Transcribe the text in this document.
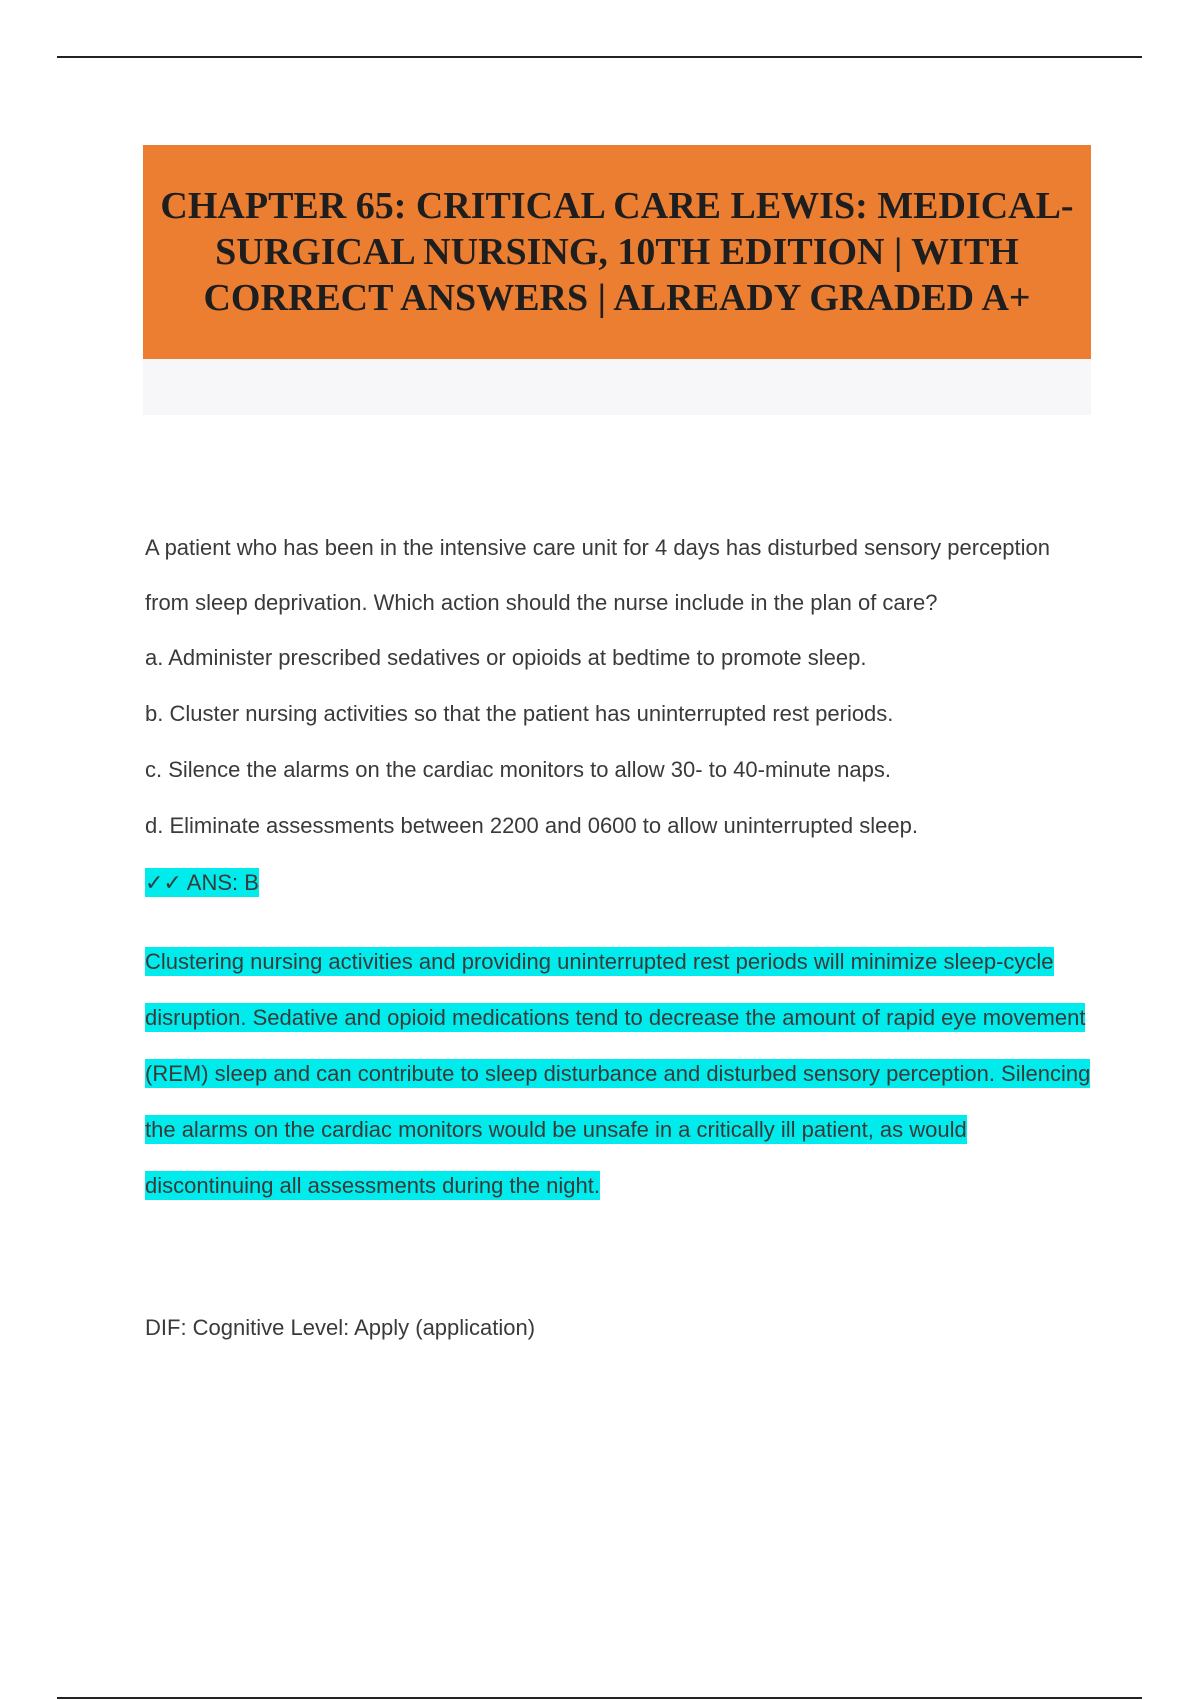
CHAPTER 65: CRITICAL CARE LEWIS: MEDICAL-SURGICAL NURSING, 10TH EDITION | WITH CORRECT ANSWERS | ALREADY GRADED A+

A patient who has been in the intensive care unit for 4 days has disturbed sensory perception from sleep deprivation. Which action should the nurse include in the plan of care?

a. Administer prescribed sedatives or opioids at bedtime to promote sleep.

b. Cluster nursing activities so that the patient has uninterrupted rest periods.

c. Silence the alarms on the cardiac monitors to allow 30- to 40-minute naps.

d. Eliminate assessments between 2200 and 0600 to allow uninterrupted sleep.

✓✓ ANS: B

Clustering nursing activities and providing uninterrupted rest periods will minimize sleep-cycle disruption. Sedative and opioid medications tend to decrease the amount of rapid eye movement (REM) sleep and can contribute to sleep disturbance and disturbed sensory perception. Silencing the alarms on the cardiac monitors would be unsafe in a critically ill patient, as would discontinuing all assessments during the night.

DIF: Cognitive Level: Apply (application)
